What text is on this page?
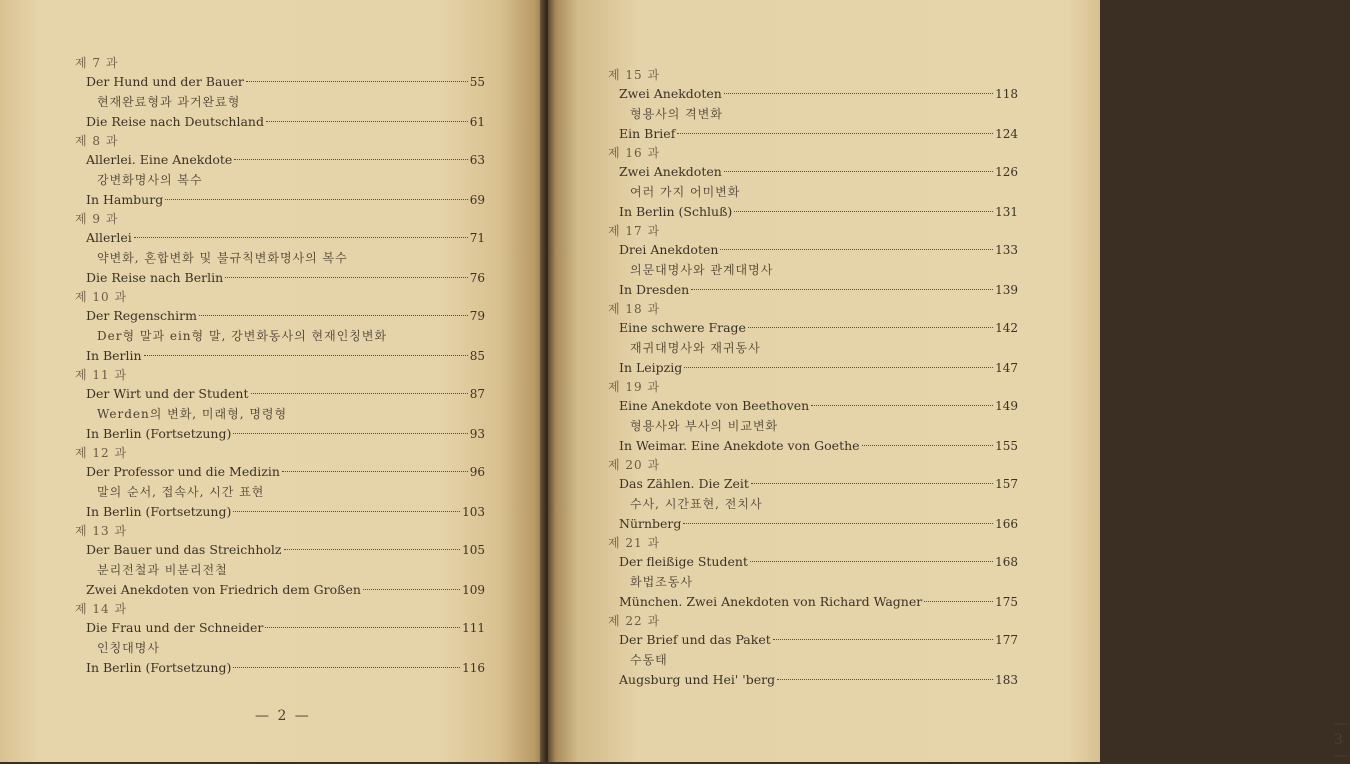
제 7 과
Der Hund und der Bauer	55
현재완료형과 과거완료형
Die Reise nach Deutschland	61
제 8 과
Allerlei. Eine Anekdote	63
강변화명사의 복수
In Hamburg	69
제 9 과
Allerlei	71
약변화, 혼합변화 및 불규칙변화명사의 복수
Die Reise nach Berlin	76
제 10 과
Der Regenschirm	79
Der형 말과 ein형 말, 강변화동사의 현재인칭변화
In Berlin	85
제 11 과
Der Wirt und der Student	87
Werden의 변화, 미래형, 명령형
In Berlin (Fortsetzung)	93
제 12 과
Der Professor und die Medizin	96
말의 순서, 접속사, 시간 표현
In Berlin (Fortsetzung)	103
제 13 과
Der Bauer und das Streichholz	105
분리전철과 비분리전철
Zwei Anekdoten von Friedrich dem Großen	109
제 14 과
Die Frau und der Schneider	111
인칭대명사
In Berlin (Fortsetzung)	116
— 2 —	— 3 —
제 15 과
Zwei Anekdoten	118
형용사의 격변화
Ein Brief	124
제 16 과
Zwei Anekdoten	126
여러 가지 어미변화
In Berlin (Schluß)	131
제 17 과
Drei Anekdoten	133
의문대명사와 관계대명사
In Dresden	139
제 18 과
Eine schwere Frage	142
재귀대명사와 재귀동사
In Leipzig	147
제 19 과
Eine Anekdote von Beethoven	149
형용사와 부사의 비교변화
In Weimar. Eine Anekdote von Goethe	155
제 20 과
Das Zählen. Die Zeit	157
수사, 시간표현, 전치사
Nürnberg	166
제 21 과
Der fleißige Student	168
화법조동사
München. Zwei Anekdoten von Richard Wagner	175
제 22 과
Der Brief und das Paket	177
수동태
Augsburg und Hei' 'berg	183
